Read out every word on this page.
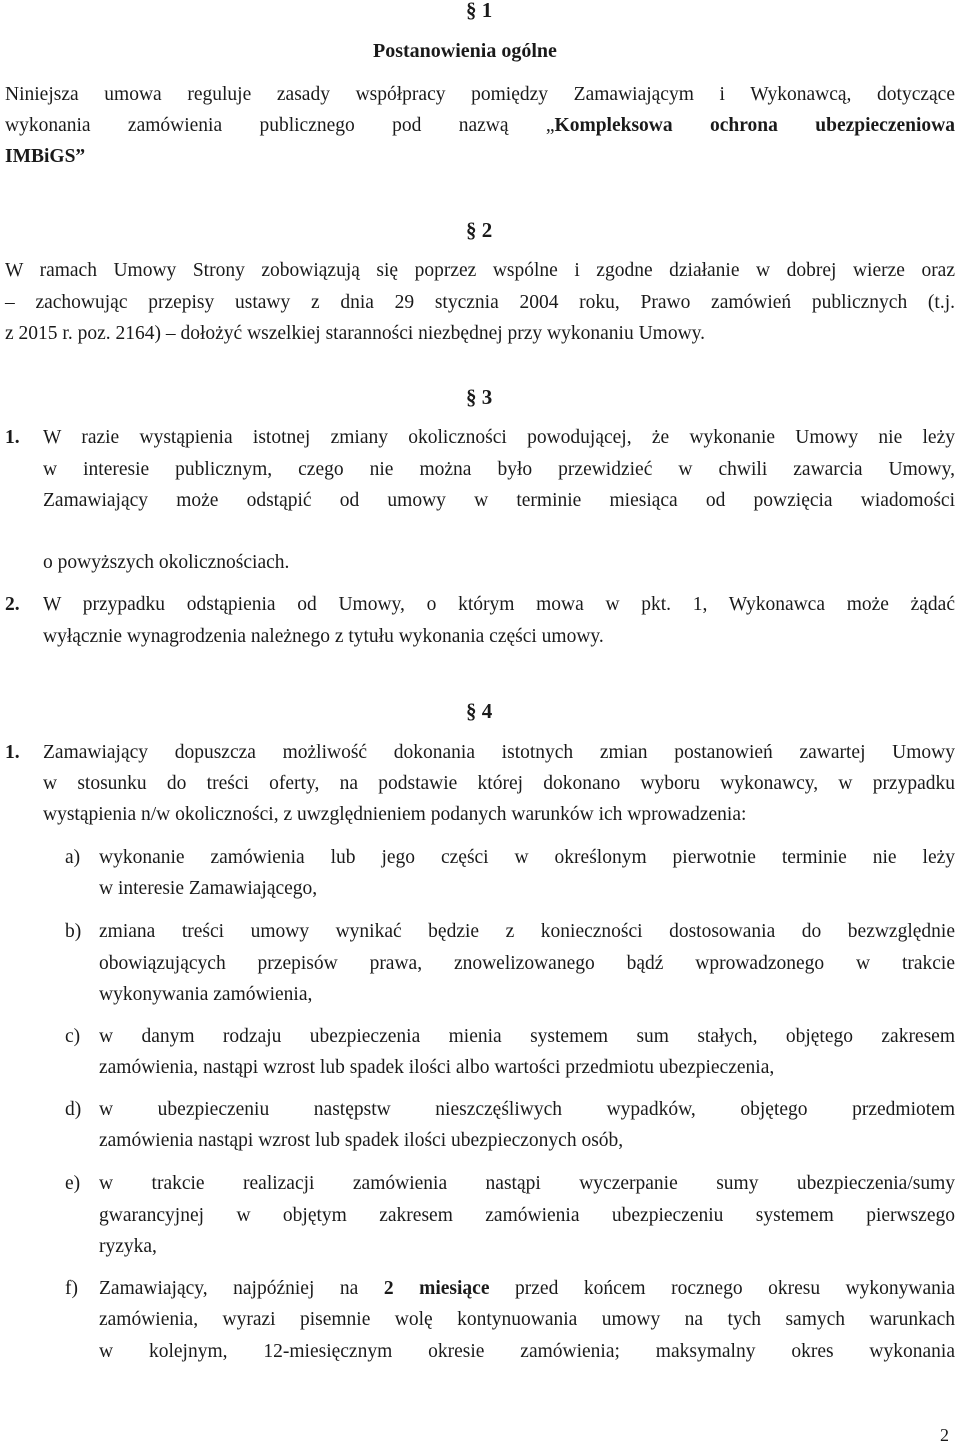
§ 1
Postanowienia ogólne
Niniejsza umowa reguluje zasady współpracy pomiędzy Zamawiającym i Wykonawcą, dotyczące
wykonania zamówienia publicznego pod nazwą „Kompleksowa ochrona ubezpieczeniowa
IMBiGS”
§ 2
W ramach Umowy Strony zobowiązują się poprzez wspólne i zgodne działanie w dobrej wierze oraz
– zachowując przepisy ustawy z dnia 29 stycznia 2004 roku, Prawo zamówień publicznych (t.j.
z 2015 r. poz. 2164) – dołożyć wszelkiej staranności niezbędnej przy wykonaniu Umowy.
§ 3
1. W razie wystąpienia istotnej zmiany okoliczności powodującej, że wykonanie Umowy nie leży
w interesie publicznym, czego nie można było przewidzieć w chwili zawarcia Umowy,
Zamawiający może odstąpić od umowy w terminie miesiąca od powzięcia wiadomości
o powyższych okolicznościach.
2. W przypadku odstąpienia od Umowy, o którym mowa w pkt. 1, Wykonawca może żądać
wyłącznie wynagrodzenia należnego z tytułu wykonania części umowy.
§ 4
1. Zamawiający dopuszcza możliwość dokonania istotnych zmian postanowień zawartej Umowy
w stosunku do treści oferty, na podstawie której dokonano wyboru wykonawcy, w przypadku
wystąpienia n/w okoliczności, z uwzględnieniem podanych warunków ich wprowadzenia:
a) wykonanie zamówienia lub jego części w określonym pierwotnie terminie nie leży
w interesie Zamawiającego,
b) zmiana treści umowy wynikać będzie z konieczności dostosowania do bezwzględnie
obowiązujących przepisów prawa, znowelizowanego bądź wprowadzonego w trakcie
wykonywania zamówienia,
c) w danym rodzaju ubezpieczenia mienia systemem sum stałych, objętego zakresem
zamówienia, nastąpi wzrost lub spadek ilości albo wartości przedmiotu ubezpieczenia,
d) w ubezpieczeniu następstw nieszczęśliwych wypadków, objętego przedmiotem
zamówienia nastąpi wzrost lub spadek ilości ubezpieczonych osób,
e) w trakcie realizacji zamówienia nastąpi wyczerpanie sumy ubezpieczenia/sumy
gwarancyjnej w objętym zakresem zamówienia ubezpieczeniu systemem pierwszego
ryzyka,
f) Zamawiający, najpóźniej na 2 miesiące przed końcem rocznego okresu wykonywania
zamówienia, wyrazi pisemnie wolę kontynuowania umowy na tych samych warunkach
w kolejnym, 12-miesięcznym okresie zamówienia; maksymalny okres wykonania
2
